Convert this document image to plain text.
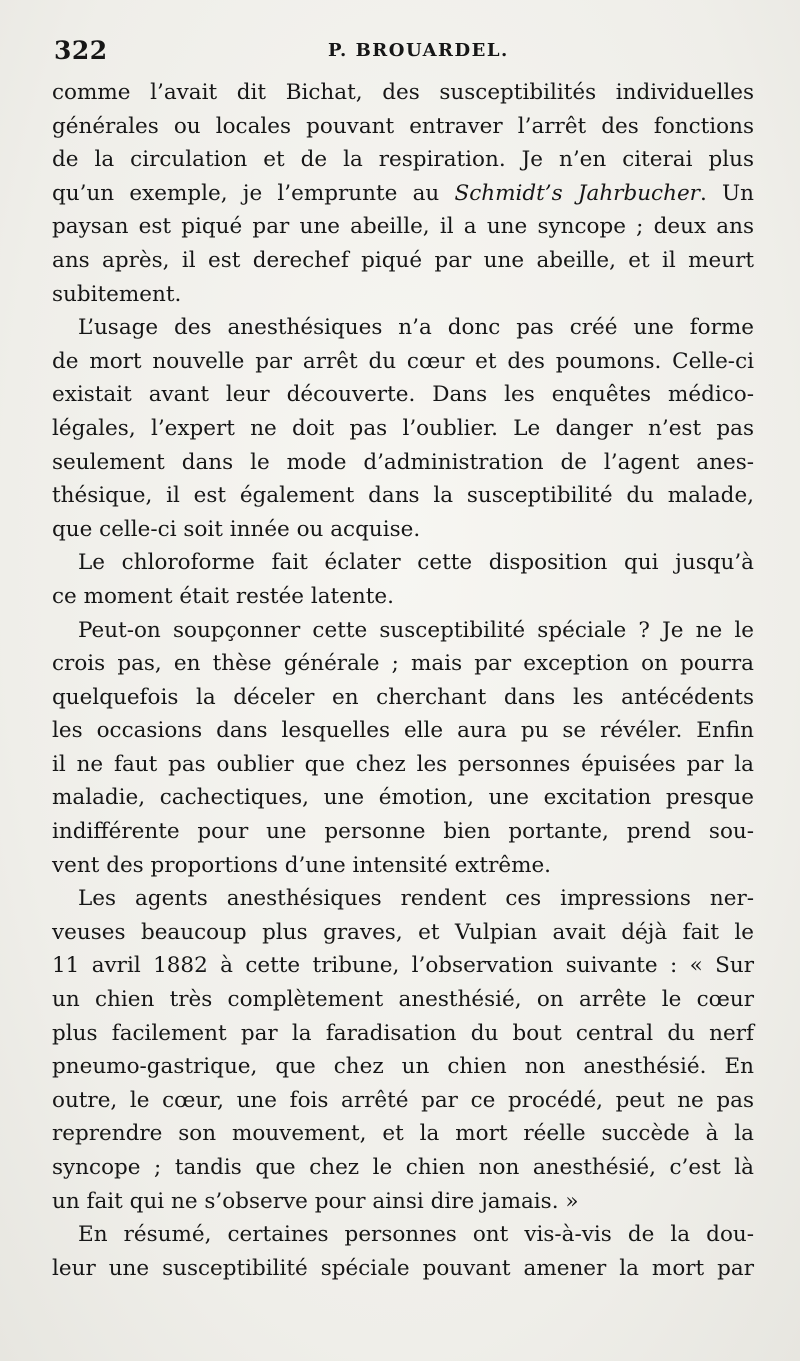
322	P. BROUARDEL.
comme l’avait dit Bichat, des susceptibilités individuelles
générales ou locales pouvant entraver l’arrêt des fonctions
de la circulation et de la respiration. Je n’en citerai plus
qu’un exemple, je l’emprunte au Schmidt’s Jahrbucher. Un
paysan est piqué par une abeille, il a une syncope ; deux ans
ans après, il est derechef piqué par une abeille, et il meurt
subitement.
L’usage des anesthésiques n’a donc pas créé une forme
de mort nouvelle par arrêt du cœur et des poumons. Celle-ci
existait avant leur découverte. Dans les enquêtes médico-
légales, l’expert ne doit pas l’oublier. Le danger n’est pas
seulement dans le mode d’administration de l’agent anes-
thésique, il est également dans la susceptibilité du malade,
que celle-ci soit innée ou acquise.
Le chloroforme fait éclater cette disposition qui jusqu’à
ce moment était restée latente.
Peut-on soupçonner cette susceptibilité spéciale ? Je ne le
crois pas, en thèse générale ; mais par exception on pourra
quelquefois la déceler en cherchant dans les antécédents
les occasions dans lesquelles elle aura pu se révéler. Enfin
il ne faut pas oublier que chez les personnes épuisées par la
maladie, cachectiques, une émotion, une excitation presque
indifférente pour une personne bien portante, prend sou-
vent des proportions d’une intensité extrême.
Les agents anesthésiques rendent ces impressions ner-
veuses beaucoup plus graves, et Vulpian avait déjà fait le
11 avril 1882 à cette tribune, l’observation suivante : « Sur
un chien très complètement anesthésié, on arrête le cœur
plus facilement par la faradisation du bout central du nerf
pneumo-gastrique, que chez un chien non anesthésié. En
outre, le cœur, une fois arrêté par ce procédé, peut ne pas
reprendre son mouvement, et la mort réelle succède à la
syncope ; tandis que chez le chien non anesthésié, c’est là
un fait qui ne s’observe pour ainsi dire jamais. »
En résumé, certaines personnes ont vis-à-vis de la dou-
leur une susceptibilité spéciale pouvant amener la mort par
